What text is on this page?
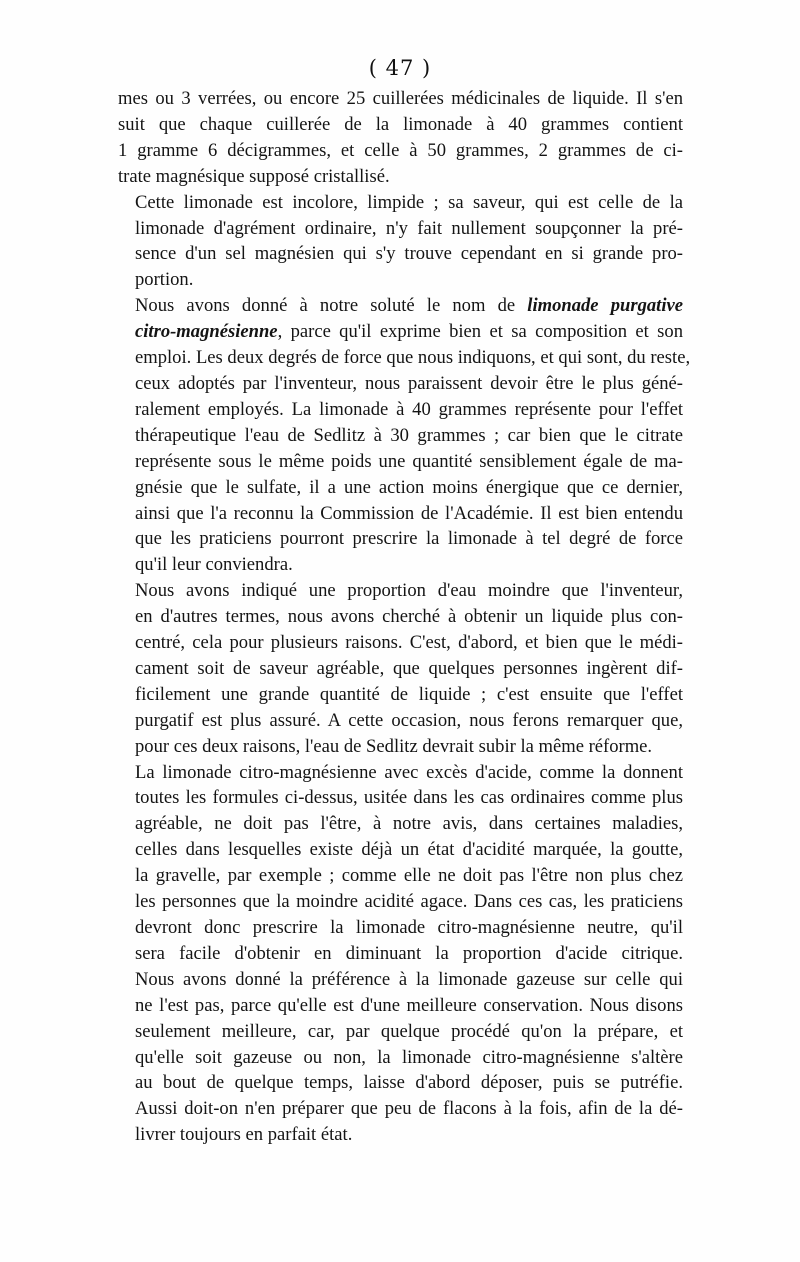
( 47 )

mes ou 3 verrées, ou encore 25 cuillerées médicinales de liquide. Il s'en
suit que chaque cuillerée de la limonade à 40 grammes contient
1 gramme 6 décigrammes, et celle à 50 grammes, 2 grammes de ci-
trate magnésique supposé cristallisé.

Cette limonade est incolore, limpide ; sa saveur, qui est celle de la
limonade d'agrément ordinaire, n'y fait nullement soupçonner la pré-
sence d'un sel magnésien qui s'y trouve cependant en si grande pro-
portion.

Nous avons donné à notre soluté le nom de limonade purgative
citro-magnésienne, parce qu'il exprime bien et sa composition et son
emploi. Les deux degrés de force que nous indiquons, et qui sont, du reste,
ceux adoptés par l'inventeur, nous paraissent devoir être le plus géné-
ralement employés. La limonade à 40 grammes représente pour l'effet
thérapeutique l'eau de Sedlitz à 30 grammes ; car bien que le citrate
représente sous le même poids une quantité sensiblement égale de ma-
gnésie que le sulfate, il a une action moins énergique que ce dernier,
ainsi que l'a reconnu la Commission de l'Académie. Il est bien entendu
que les praticiens pourront prescrire la limonade à tel degré de force
qu'il leur conviendra.

Nous avons indiqué une proportion d'eau moindre que l'inventeur,
en d'autres termes, nous avons cherché à obtenir un liquide plus con-
centré, cela pour plusieurs raisons. C'est, d'abord, et bien que le médi-
cament soit de saveur agréable, que quelques personnes ingèrent dif-
ficilement une grande quantité de liquide ; c'est ensuite que l'effet
purgatif est plus assuré. A cette occasion, nous ferons remarquer que,
pour ces deux raisons, l'eau de Sedlitz devrait subir la même réforme.

La limonade citro-magnésienne avec excès d'acide, comme la donnent
toutes les formules ci-dessus, usitée dans les cas ordinaires comme plus
agréable, ne doit pas l'être, à notre avis, dans certaines maladies,
celles dans lesquelles existe déjà un état d'acidité marquée, la goutte,
la gravelle, par exemple ; comme elle ne doit pas l'être non plus chez
les personnes que la moindre acidité agace. Dans ces cas, les praticiens
devront donc prescrire la limonade citro-magnésienne neutre, qu'il
sera facile d'obtenir en diminuant la proportion d'acide citrique.
Nous avons donné la préférence à la limonade gazeuse sur celle qui
ne l'est pas, parce qu'elle est d'une meilleure conservation. Nous disons
seulement meilleure, car, par quelque procédé qu'on la prépare, et
qu'elle soit gazeuse ou non, la limonade citro-magnésienne s'altère
au bout de quelque temps, laisse d'abord déposer, puis se putréfie.
Aussi doit-on n'en préparer que peu de flacons à la fois, afin de la dé-
livrer toujours en parfait état.
